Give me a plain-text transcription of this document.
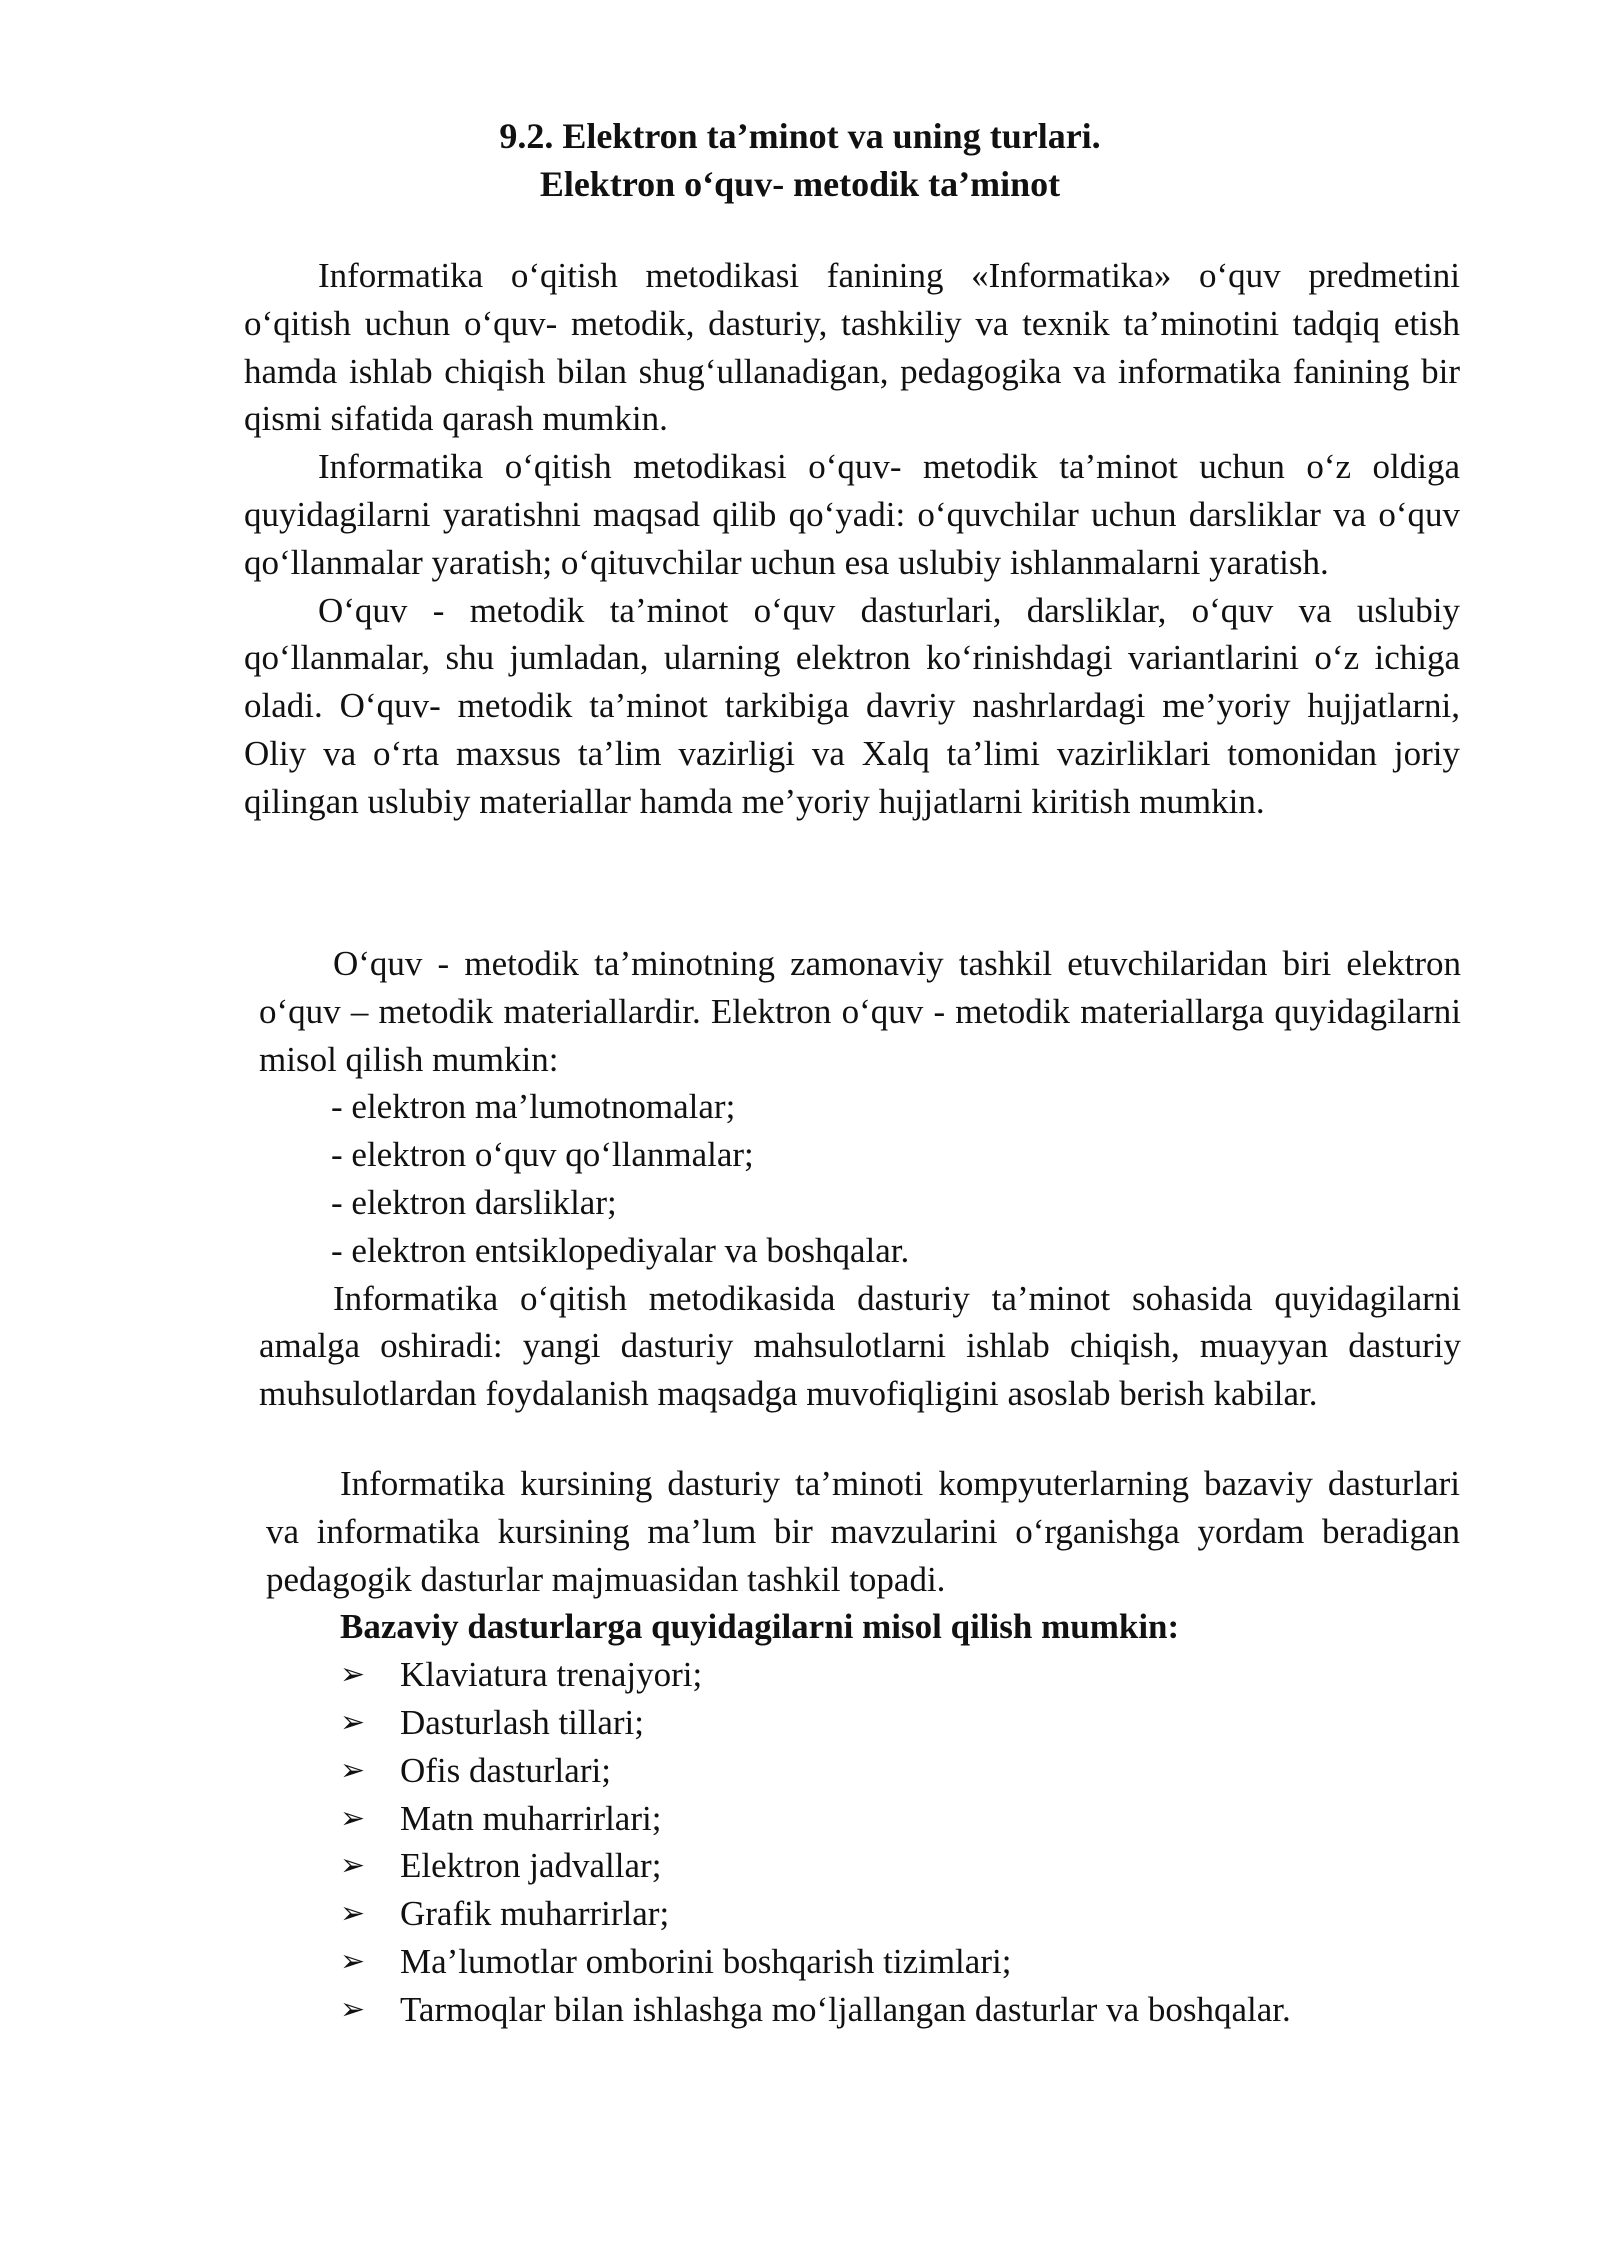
9.2. Elektron ta’minot va uning turlari.
Elektron o‘quv- metodik ta’minot

Informatika o‘qitish metodikasi fanining «Informatika» o‘quv predmetini o‘qitish uchun o‘quv- metodik, dasturiy, tashkiliy va texnik ta’minotini tadqiq etish hamda ishlab chiqish bilan shug‘ullanadigan, pedagogika va informatika fanining bir qismi sifatida qarash mumkin.

Informatika o‘qitish metodikasi o‘quv- metodik ta’minot uchun o‘z oldiga quyidagilarni yaratishni maqsad qilib qo‘yadi: o‘quvchilar uchun darsliklar va o‘quv qo‘llanmalar yaratish; o‘qituvchilar uchun esa uslubiy ishlanmalarni yaratish.

O‘quv - metodik ta’minot o‘quv dasturlari, darsliklar, o‘quv va uslubiy qo‘llanmalar, shu jumladan, ularning elektron ko‘rinishdagi variantlarini o‘z ichiga oladi. O‘quv- metodik ta’minot tarkibiga davriy nashrlardagi me’yoriy hujjatlarni, Oliy va o‘rta maxsus ta’lim vazirligi va Xalq ta’limi vazirliklari tomonidan joriy qilingan uslubiy materiallar hamda me’yoriy hujjatlarni kiritish mumkin.

O‘quv - metodik ta’minotning zamonaviy tashkil etuvchilaridan biri elektron o‘quv – metodik materiallardir. Elektron o‘quv - metodik materiallarga quyidagilarni misol qilish mumkin:

- elektron ma’lumotnomalar;
- elektron o‘quv qo‘llanmalar;
- elektron darsliklar;
- elektron entsiklopediyalar va boshqalar.

Informatika o‘qitish metodikasida dasturiy ta’minot sohasida quyidagilarni amalga oshiradi: yangi dasturiy mahsulotlarni ishlab chiqish, muayyan dasturiy muhsulotlardan foydalanish maqsadga muvofiqligini asoslab berish kabilar.

Informatika kursining dasturiy ta’minoti kompyuterlarning bazaviy dasturlari va informatika kursining ma’lum bir mavzularini o‘rganishga yordam beradigan pedagogik dasturlar majmuasidan tashkil topadi.

Bazaviy dasturlarga quyidagilarni misol qilish mumkin:

➢ Klaviatura trenajyori;
➢ Dasturlash tillari;
➢ Ofis dasturlari;
➢ Matn muharrirlari;
➢ Elektron jadvallar;
➢ Grafik muharrirlar;
➢ Ma’lumotlar omborini boshqarish tizimlari;
➢ Tarmoqlar bilan ishlashga mo‘ljallangan dasturlar va boshqalar.
